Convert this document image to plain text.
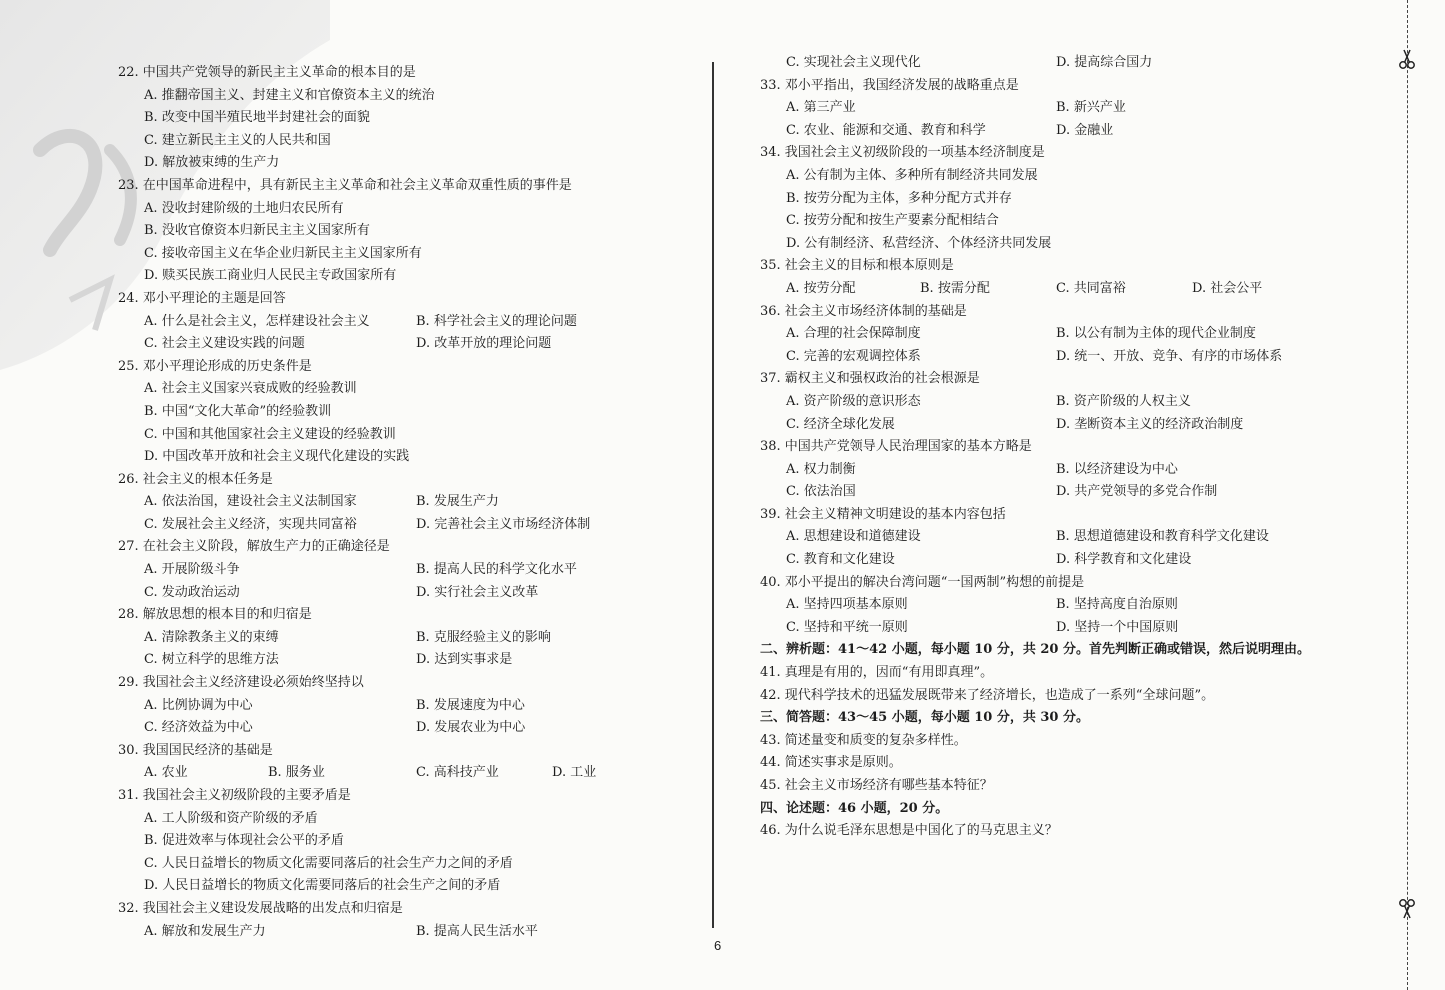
22. 中国共产党领导的新民主主义革命的根本目的是
A. 推翻帝国主义、封建主义和官僚资本主义的统治
B. 改变中国半殖民地半封建社会的面貌
C. 建立新民主主义的人民共和国
D. 解放被束缚的生产力
23. 在中国革命进程中，具有新民主主义革命和社会主义革命双重性质的事件是
A. 没收封建阶级的土地归农民所有
B. 没收官僚资本归新民主主义国家所有
C. 接收帝国主义在华企业归新民主主义国家所有
D. 赎买民族工商业归人民民主专政国家所有
24. 邓小平理论的主题是回答
A. 什么是社会主义，怎样建设社会主义	B. 科学社会主义的理论问题
C. 社会主义建设实践的问题	D. 改革开放的理论问题
25. 邓小平理论形成的历史条件是
A. 社会主义国家兴衰成败的经验教训
B. 中国“文化大革命”的经验教训
C. 中国和其他国家社会主义建设的经验教训
D. 中国改革开放和社会主义现代化建设的实践
26. 社会主义的根本任务是
A. 依法治国，建设社会主义法制国家	B. 发展生产力
C. 发展社会主义经济，实现共同富裕	D. 完善社会主义市场经济体制
27. 在社会主义阶段，解放生产力的正确途径是
A. 开展阶级斗争	B. 提高人民的科学文化水平
C. 发动政治运动	D. 实行社会主义改革
28. 解放思想的根本目的和归宿是
A. 清除教条主义的束缚	B. 克服经验主义的影响
C. 树立科学的思维方法	D. 达到实事求是
29. 我国社会主义经济建设必须始终坚持以
A. 比例协调为中心	B. 发展速度为中心
C. 经济效益为中心	D. 发展农业为中心
30. 我国国民经济的基础是
A. 农业	B. 服务业	C. 高科技产业	D. 工业
31. 我国社会主义初级阶段的主要矛盾是
A. 工人阶级和资产阶级的矛盾
B. 促进效率与体现社会公平的矛盾
C. 人民日益增长的物质文化需要同落后的社会生产力之间的矛盾
D. 人民日益增长的物质文化需要同落后的社会生产之间的矛盾
32. 我国社会主义建设发展战略的出发点和归宿是
A. 解放和发展生产力	B. 提高人民生活水平
C. 实现社会主义现代化	D. 提高综合国力
33. 邓小平指出，我国经济发展的战略重点是
A. 第三产业	B. 新兴产业
C. 农业、能源和交通、教育和科学	D. 金融业
34. 我国社会主义初级阶段的一项基本经济制度是
A. 公有制为主体、多种所有制经济共同发展
B. 按劳分配为主体，多种分配方式并存
C. 按劳分配和按生产要素分配相结合
D. 公有制经济、私营经济、个体经济共同发展
35. 社会主义的目标和根本原则是
A. 按劳分配	B. 按需分配	C. 共同富裕	D. 社会公平
36. 社会主义市场经济体制的基础是
A. 合理的社会保障制度	B. 以公有制为主体的现代企业制度
C. 完善的宏观调控体系	D. 统一、开放、竞争、有序的市场体系
37. 霸权主义和强权政治的社会根源是
A. 资产阶级的意识形态	B. 资产阶级的人权主义
C. 经济全球化发展	D. 垄断资本主义的经济政治制度
38. 中国共产党领导人民治理国家的基本方略是
A. 权力制衡	B. 以经济建设为中心
C. 依法治国	D. 共产党领导的多党合作制
39. 社会主义精神文明建设的基本内容包括
A. 思想建设和道德建设	B. 思想道德建设和教育科学文化建设
C. 教育和文化建设	D. 科学教育和文化建设
40. 邓小平提出的解决台湾问题“一国两制”构想的前提是
A. 坚持四项基本原则	B. 坚持高度自治原则
C. 坚持和平统一原则	D. 坚持一个中国原则
二、辨析题：41～42 小题，每小题 10 分，共 20 分。首先判断正确或错误，然后说明理由。
41. 真理是有用的，因而“有用即真理”。
42. 现代科学技术的迅猛发展既带来了经济增长，也造成了一系列“全球问题”。
三、简答题：43～45 小题，每小题 10 分，共 30 分。
43. 简述量变和质变的复杂多样性。
44. 简述实事求是原则。
45. 社会主义市场经济有哪些基本特征？
四、论述题：46 小题，20 分。
46. 为什么说毛泽东思想是中国化了的马克思主义？
6
